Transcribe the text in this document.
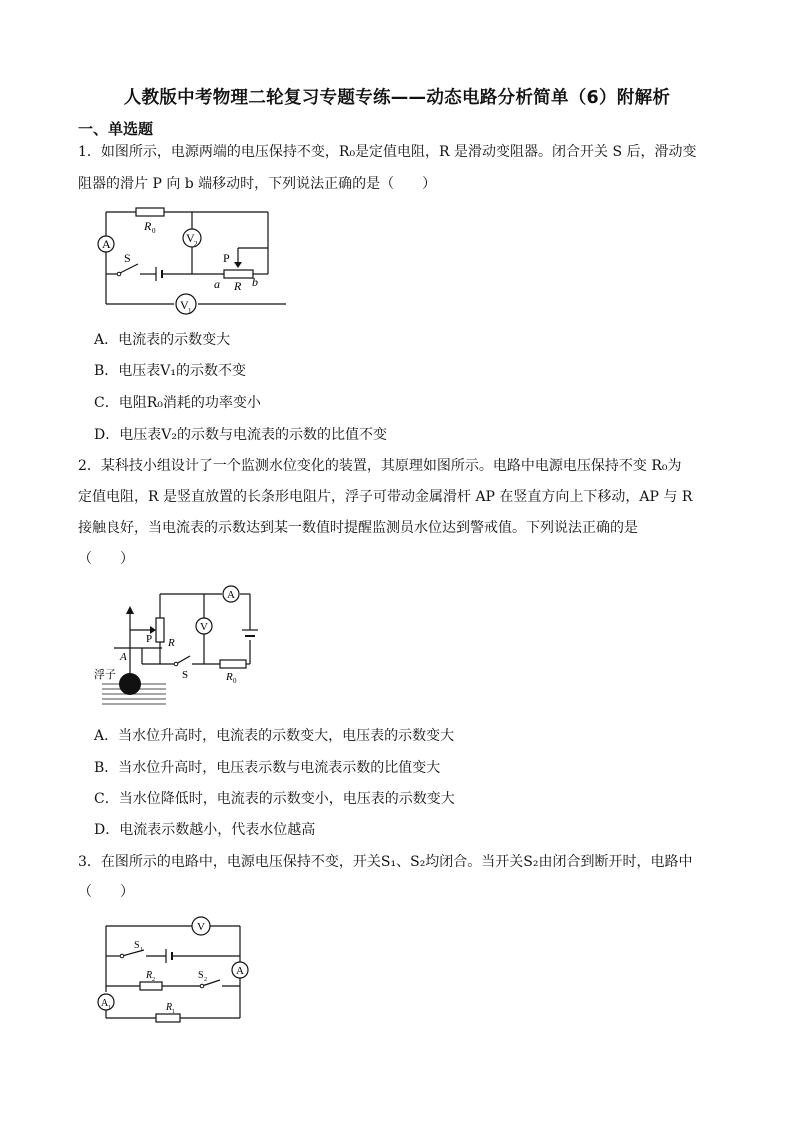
人教版中考物理二轮复习专题专练——动态电路分析简单（6）附解析
一、单选题
1．如图所示，电源两端的电压保持不变，R₀是定值电阻，R 是滑动变阻器。闭合开关 S 后，滑动变
阻器的滑片 P 向 b 端移动时，下列说法正确的是（　　）
A	V 2
V 1
R 0
S	P
a R b
A．电流表的示数变大
B．电压表V₁的示数不变
C．电阻R₀消耗的功率变小
D．电压表V₂的示数与电流表的示数的比值不变
2．某科技小组设计了一个监测水位变化的装置，其原理如图所示。电路中电源电压保持不变 R₀为
定值电阻，R 是竖直放置的长条形电阻片，浮子可带动金属滑杆 AP 在竖直方向上下移动，AP 与 R
接触良好，当电流表的示数达到某一数值时提醒监测员水位达到警戒值。下列说法正确的是
（　　）
A
V
浮子
A
P R
S	R 0
A．当水位升高时，电流表的示数变大，电压表的示数变大
B．当水位升高时，电压表示数与电流表示数的比值变大
C．当水位降低时，电流表的示数变小，电压表的示数变大
D．电流表示数越小，代表水位越高
3．在图所示的电路中，电源电压保持不变，开关S₁、S₂均闭合。当开关S₂由闭合到断开时，电路中
（　　）
V
A
A 1
S 1
R 2	S 2
R 1
